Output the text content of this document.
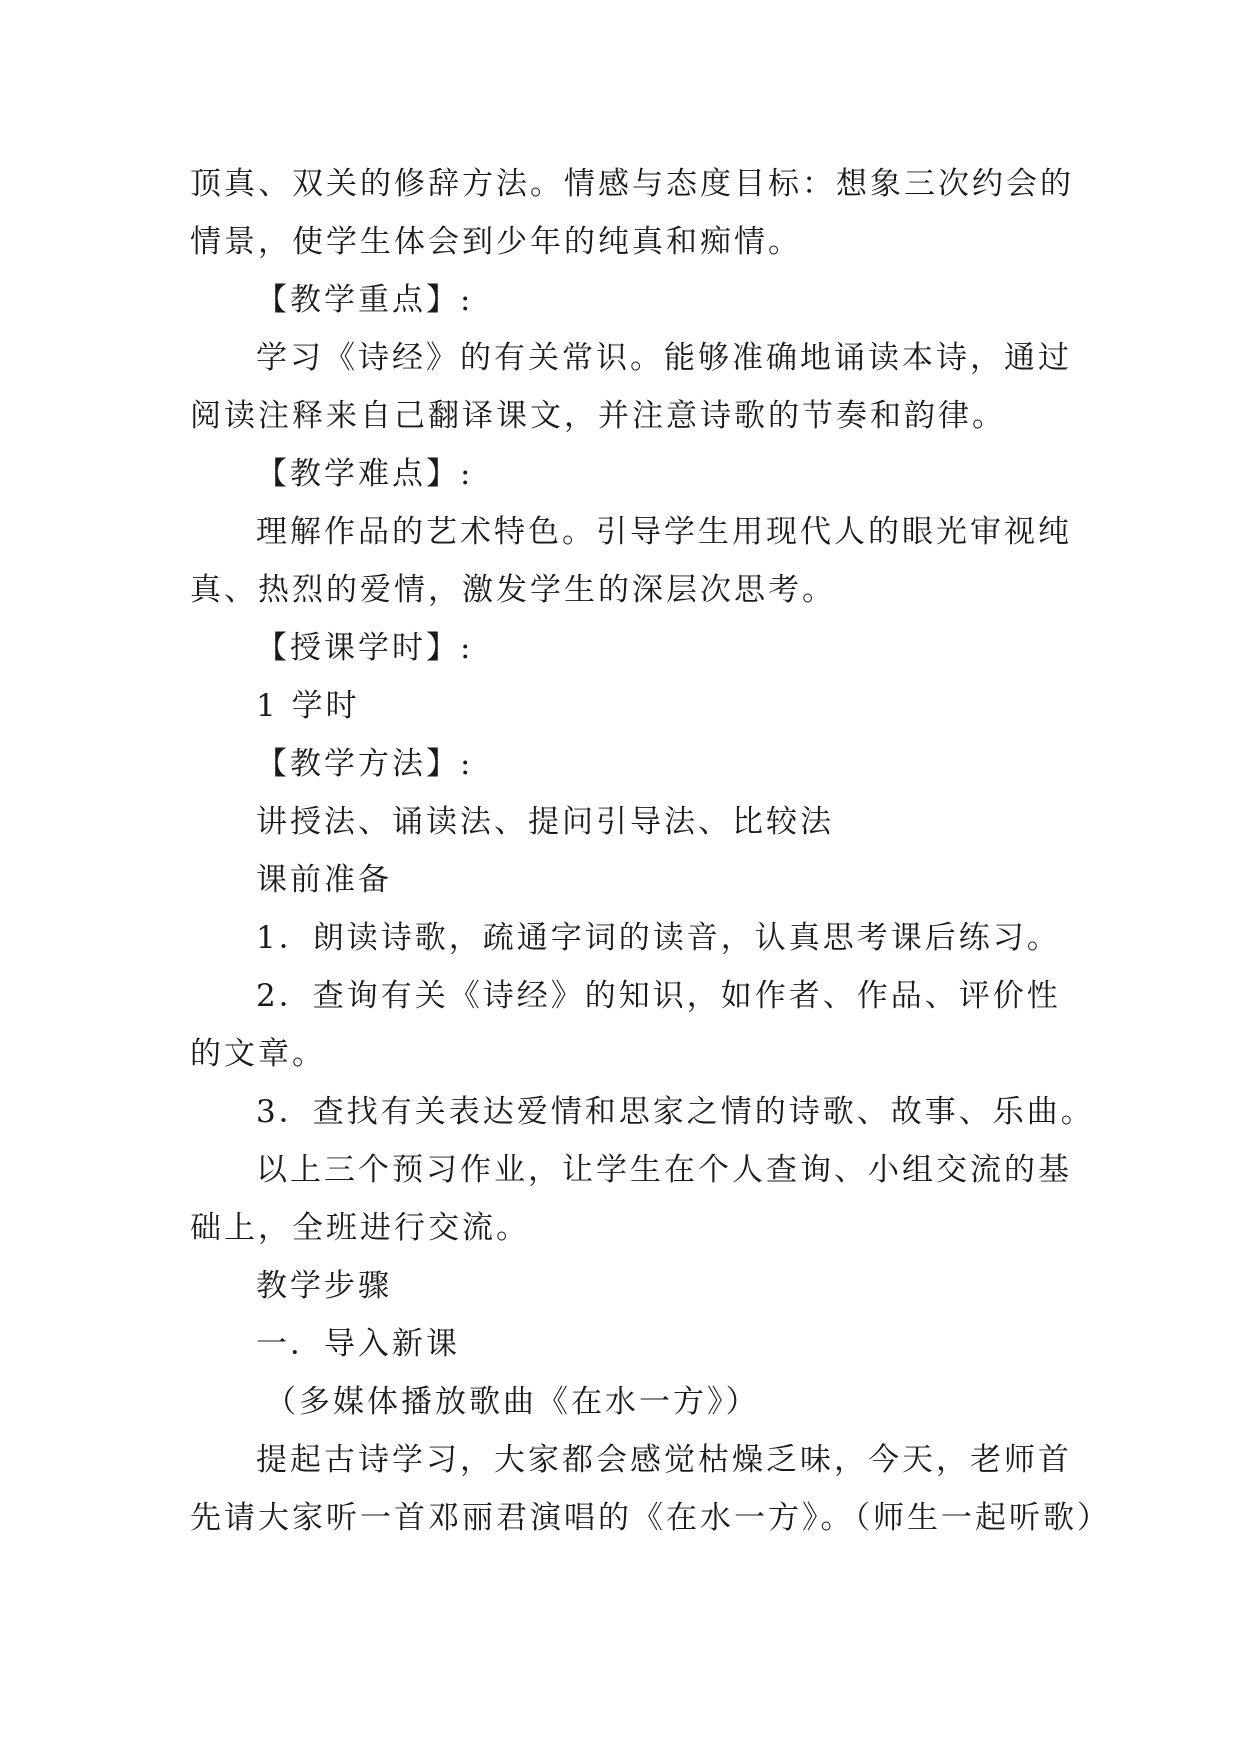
顶真、双关的修辞方法。情感与态度目标：想象三次约会的
情景，使学生体会到少年的纯真和痴情。
【教学重点】:
学习《诗经》的有关常识。能够准确地诵读本诗，通过
阅读注释来自己翻译课文，并注意诗歌的节奏和韵律。
【教学难点】:
理解作品的艺术特色。引导学生用现代人的眼光审视纯
真、热烈的爱情，激发学生的深层次思考。
【授课学时】:
1 学时
【教学方法】:
讲授法、诵读法、提问引导法、比较法
课前准备
1．朗读诗歌，疏通字词的读音，认真思考课后练习。
2．查询有关《诗经》的知识，如作者、作品、评价性
的文章。
3．查找有关表达爱情和思家之情的诗歌、故事、乐曲。
以上三个预习作业，让学生在个人查询、小组交流的基
础上，全班进行交流。
教学步骤
一．导入新课
（多媒体播放歌曲《在水一方》）
提起古诗学习，大家都会感觉枯燥乏味，今天，老师首
先请大家听一首邓丽君演唱的《在水一方》。（师生一起听歌）
